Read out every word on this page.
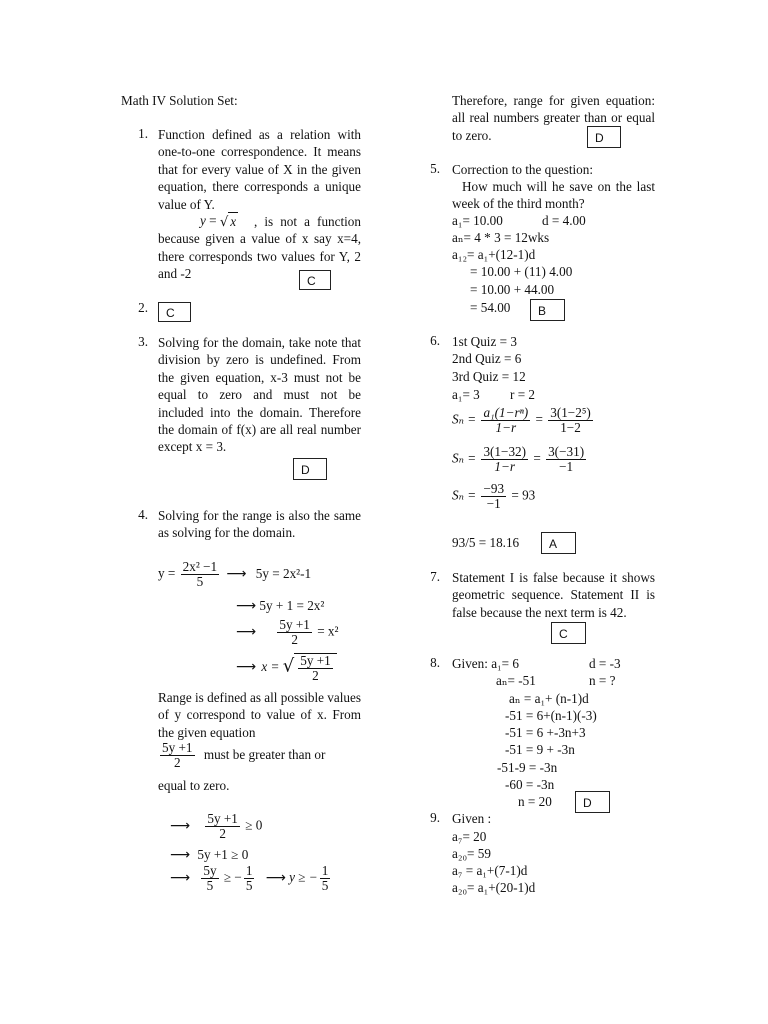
Math IV Solution Set:
1. Function defined as a relation with one-to-one correspondence. It means that for every value of X in the given equation, there corresponds a unique value of Y.
y = √ x	, is not a function because given a value of x say x=4, there corresponds two values for Y, 2 and -2	C
2.	C
3. Solving for the domain, take note that division by zero is undefined. From the given equation, x-3 must not be equal to zero and must not be included into the domain. Therefore the domain of f(x) are all real number except x = 3.
D
4. Solving for the range is also the same as solving for the domain.
$y = \frac{\text{2x² −1}}{5}$ ⟶ 5y = 2x²-1
⟶ 5y + 1 = 2x²
⟶ $\frac{5y +1}{2} = x^2$
⟶ x = √ $\frac{5y +1}{2}$
Range is defined as all possible values of y correspond to value of x. From the given equation
$\frac{5y +1}{2}$ must be greater than or
equal to zero.
⟶ $\frac{5y +1}{2} \ge 0$
⟶ 5y +1 ≥ 0
⟶ $\frac{5y}{5}$ ≥ − $\frac{1}{5}$ ⟶ y ≥ − $\frac{1}{5}$
Therefore, range for given equation: all real numbers greater than or equal to zero.	D
5. Correction to the question:
How much will he save on the last week of the third month?
a₁= 10.00	d = 4.00
aₙ= 4 * 3 = 12wks
a₁₂= a₁+(12-1)d
= 10.00 + (11) 4.00
= 10.00 + 44.00
= 54.00	B
6. 1st Quiz = 3
2nd Quiz = 6
3rd Quiz = 12
a₁= 3 r = 2
$S_n = \frac{\text{a₁(1−rⁿ)}}{1-r} = \frac{\text{3(1−2⁵)}}{1-2}$
$S_n = \frac{3(1-32)}{1-r} = \frac{3(-31)}{-1}$
$S_n = \frac{-93}{-1} = 93$
93/5 = 18.16	A
7. Statement I is false because it shows geometric sequence. Statement II is false because the next term is 42.
C
8. Given: a₁= 6	d = -3
aₙ= -51	n = ?
aₙ = a₁+ (n-1)d
-51 = 6+(n-1)(-3)
-51 = 6 +-3n+3
-51 = 9 + -3n
-51-9 = -3n
-60 = -3n
n = 20	D
9. Given :
a₇= 20
a₂₀= 59
a₇ = a₁+(7-1)d
a₂₀= a₁+(20-1)d
